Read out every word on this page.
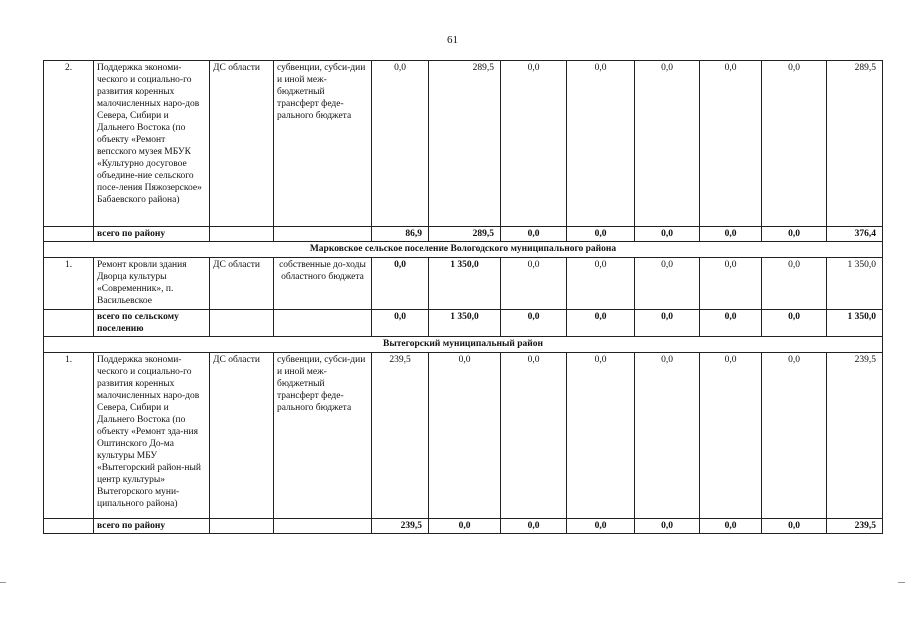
61
2.	Поддержка экономи-ческого и социально-го развития коренных малочисленных наро-дов Севера, Сибири и Дальнего Востока (по объекту «Ремонт вепсского музея МБУК «Культурно досуговое объедине-ние сельского посе-ления Пяжозерское» Бабаевского района)	ДС области	субвенции, субси-дии и иной меж-бюджетный трансферт феде-рального бюджета	0,0	289,5	0,0	0,0	0,0	0,0	0,0	289,5
	всего по району			86,9	289,5	0,0	0,0	0,0	0,0	0,0	376,4
Марковское сельское поселение Вологодского муниципального района											
1.	Ремонт кровли здания Дворца культуры «Современник», п. Васильевское	ДС области	собственные до-ходы областного бюджета	0,0	1 350,0	0,0	0,0	0,0	0,0	0,0	1 350,0
	всего по сельскому поселению			0,0	1 350,0	0,0	0,0	0,0	0,0	0,0	1 350,0
Вытегорский муниципальный район											
1.	Поддержка экономи-ческого и социально-го развития коренных малочисленных наро-дов Севера, Сибири и Дальнего Востока (по объекту «Ремонт зда-ния Оштинского До-ма культуры МБУ «Вытегорский район-ный центр культуры» Вытегорского муни-ципального района)	ДС области	субвенции, субси-дии и иной меж-бюджетный трансферт феде-рального бюджета	239,5	0,0	0,0	0,0	0,0	0,0	0,0	239,5
	всего по району			239,5	0,0	0,0	0,0	0,0	0,0	0,0	239,5
